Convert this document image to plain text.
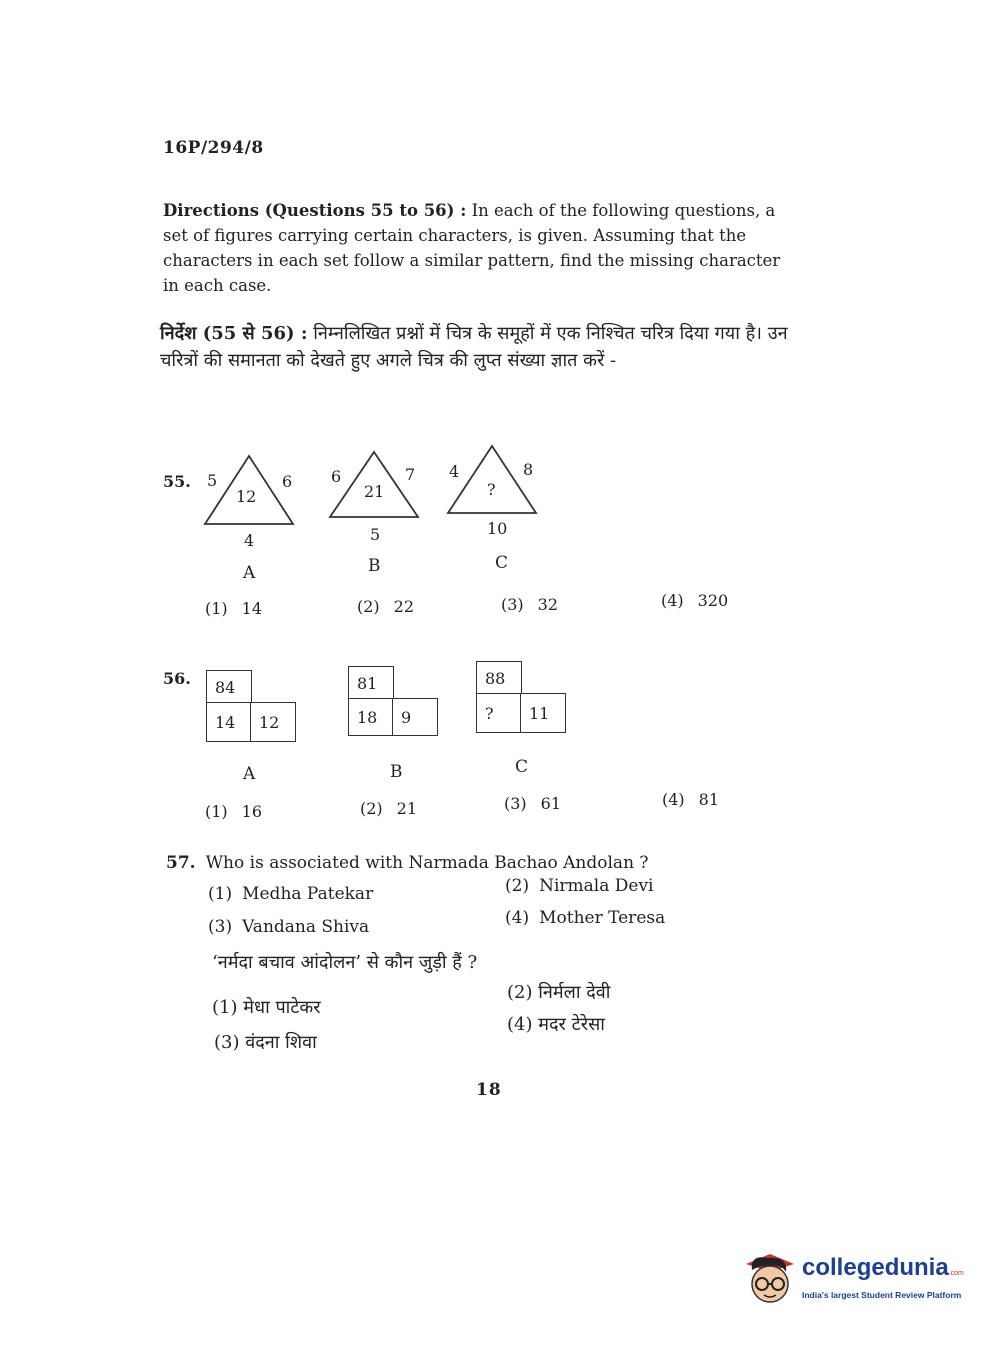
16P/294/8
Directions (Questions 55 to 56) : In each of the following questions, a set of figures carrying certain characters, is given. Assuming that the characters in each set follow a similar pattern, find the missing character in each case.
निर्देश (55 से 56) : निम्नलिखित प्रश्नों में चित्र के समूहों में एक निश्चित चरित्र दिया गया है। उन चरित्रों की समानता को देखते हुए अगले चित्र की लुप्त संख्या ज्ञात करें -
55. 5	6
12
4
A
6	7
21
5
B
4	8
?
10
C
(1) 14	(2) 22	(3) 32	(4) 320
56.	84
14	12
A
81
18	9
B
88
?	11
C
(1) 16	(2) 21	(3) 61	(4) 81
57. Who is associated with Narmada Bachao Andolan ?
(1) Medha Patekar	(2) Nirmala Devi
(3) Vandana Shiva	(4) Mother Teresa
‘नर्मदा बचाव आंदोलन’ से कौन जुड़ी हैं ?
(1) मेधा पाटेकर
(2) निर्मला देवी
(3) वंदना शिवा
(4) मदर टेरेसा
18
collegedunia.com
India's largest Student Review Platform
